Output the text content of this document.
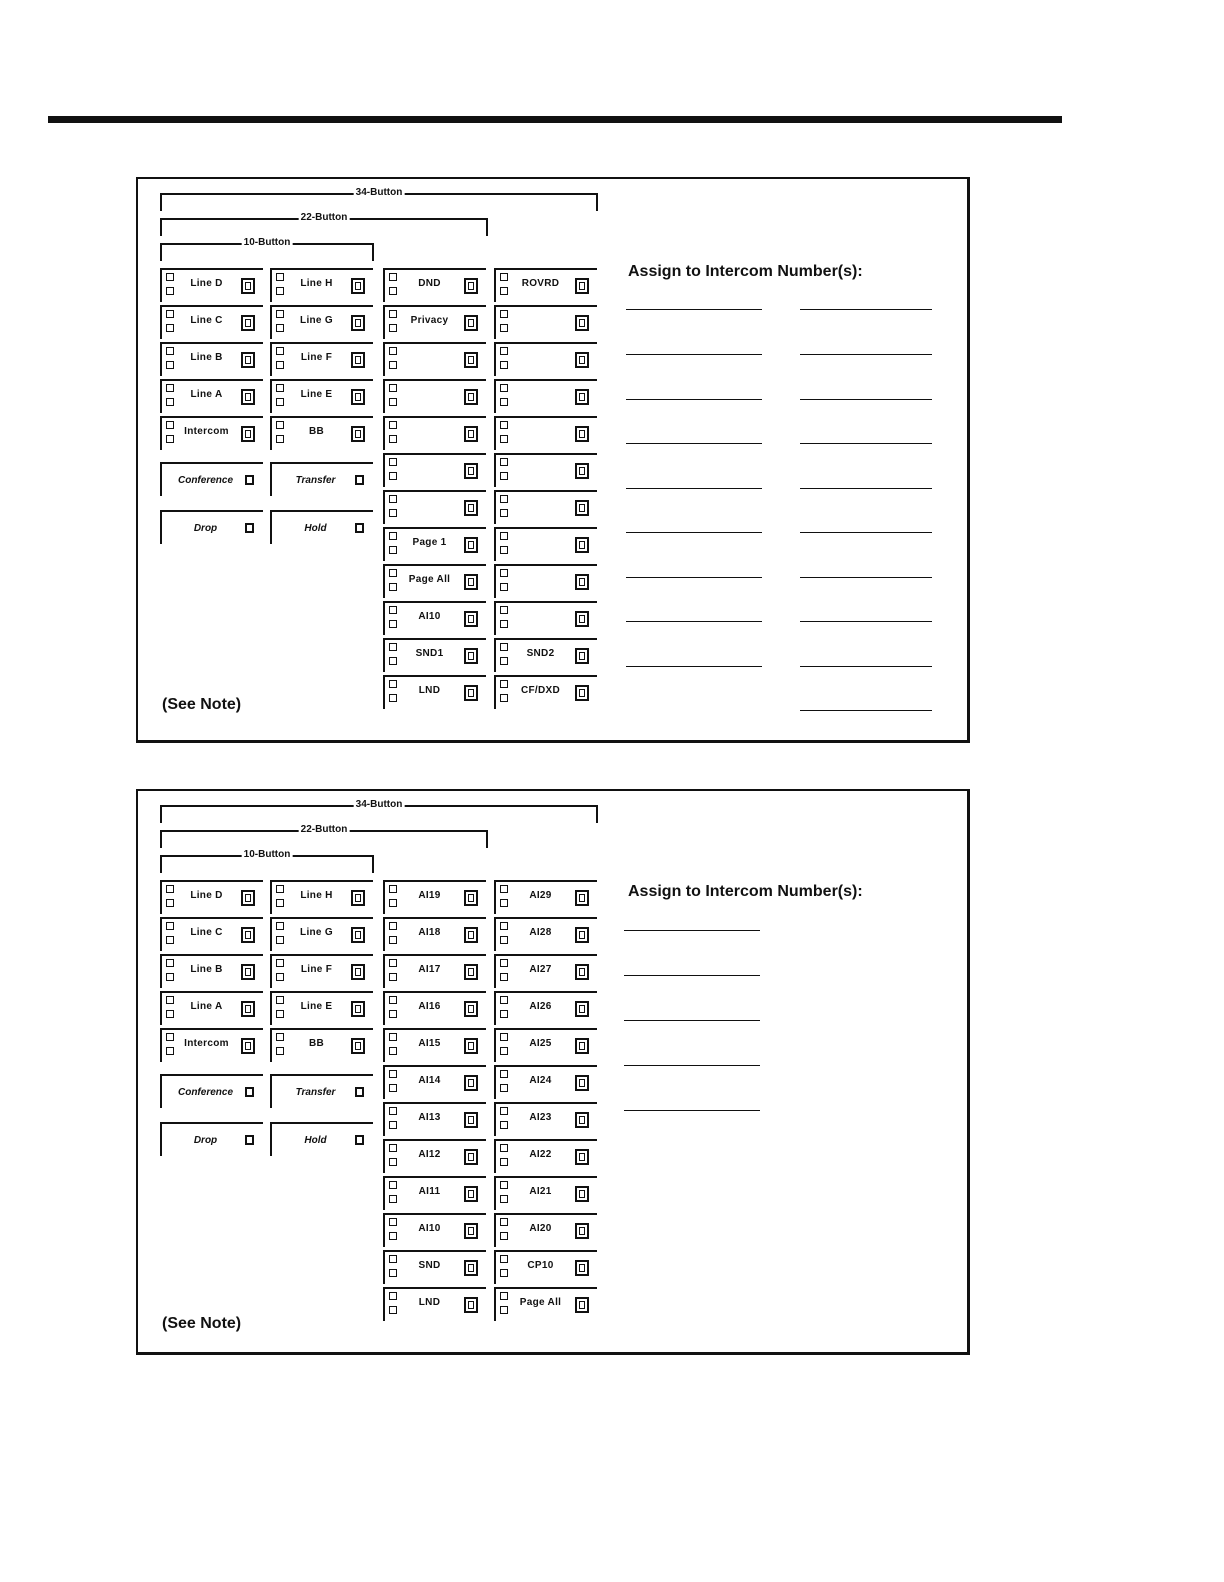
34-Button
22-Button
10-Button
Line D
Line C
Line B
Line A
Intercom
Conference
Drop
Line H
Line G
Line F
Line E
BB
Transfer
Hold
DND
Privacy
Page 1
Page All
AI10
SND1
LND
ROVRD
SND2
CF/DXD
Assign to Intercom Number(s):
(See Note)
34-Button
22-Button
10-Button
Line D
Line C
Line B
Line A
Intercom
Conference
Drop
Line H
Line G
Line F
Line E
BB
Transfer
Hold
AI19
AI18
AI17
AI16
AI15
AI14
AI13
AI12
AI11
AI10
SND
LND
AI29
AI28
AI27
AI26
AI25
AI24
AI23
AI22
AI21
AI20
CP10
Page All
Assign to Intercom Number(s):
(See Note)
